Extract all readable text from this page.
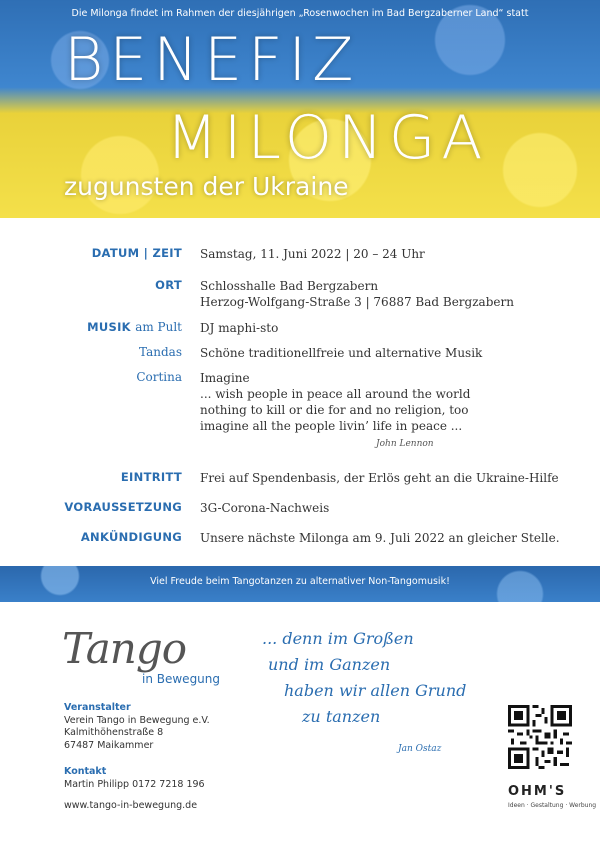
Die Milonga findet im Rahmen der diesjährigen „Rosenwochen im Bad Bergzaberner Land“ statt
BENEFIZ
MILONGA
zugunsten der Ukraine
DATUM | ZEIT Samstag, 11. Juni 2022 | 20 – 24 Uhr
ORT Schlosshalle Bad Bergzabern
Herzog-Wolfgang-Straße 3 | 76887 Bad Bergzabern
MUSIK am Pult DJ maphi-sto
Tandas Schöne traditionellfreie und alternative Musik
Cortina Imagine
... wish people in peace all around the world
nothing to kill or die for and no religion, too
imagine all the people livin’ life in peace ...
John Lennon
EINTRITT Frei auf Spendenbasis, der Erlös geht an die Ukraine-Hilfe
VORAUSSETZUNG 3G-Corona-Nachweis
ANKÜNDIGUNG Unsere nächste Milonga am 9. Juli 2022 an gleicher Stelle.
Viel Freude beim Tangotanzen zu alternativer Non-Tangomusik!
Tango
in Bewegung
Veranstalter
Verein Tango in Bewegung e.V.
Kalmithöhenstraße 8
67487 Maikammer
Kontakt
Martin Philipp 0172 7218 196
www.tango-in-bewegung.de
... denn im Großen
und im Ganzen
haben wir allen Grund
zu tanzen
Jan Ostaz
OHM'S
Ideen · Gestaltung · Werbung
